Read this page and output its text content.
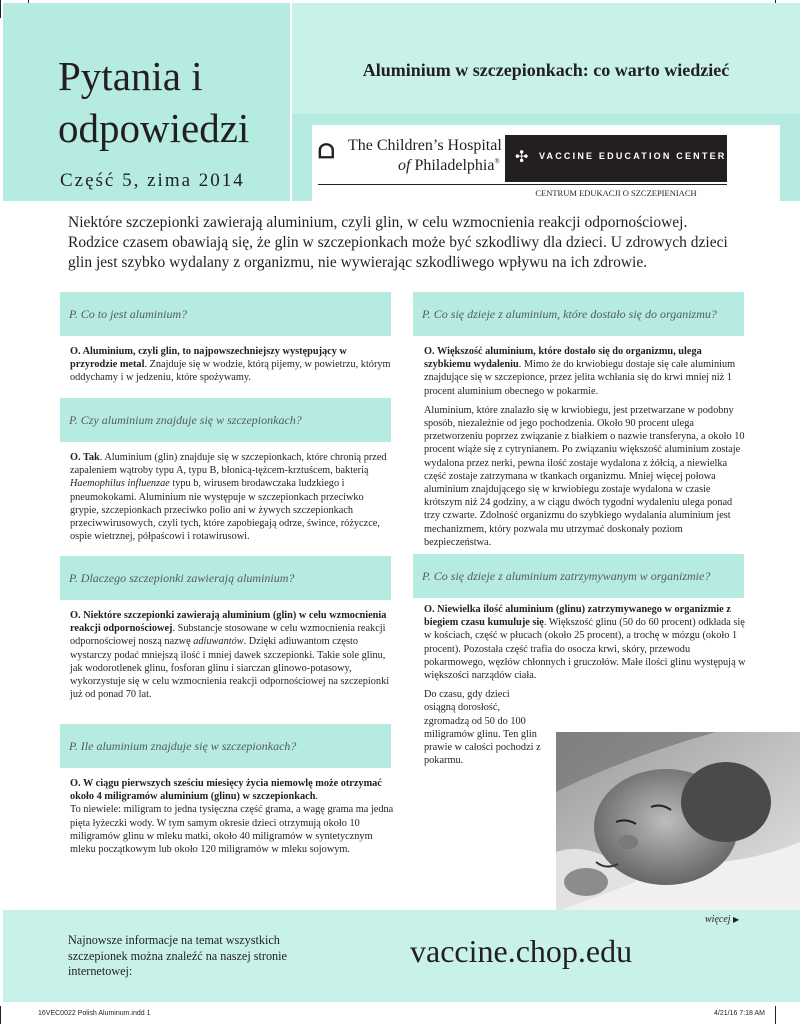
Pytania i odpowiedzi
Część 5, zima 2014
Aluminium w szczepionkach: co warto wiedzieć
ᗝ The Children’s Hospital
of Philadelphia® ✣ VACCINE EDUCATION CENTER
CENTRUM EDUKACJI O SZCZEPIENIACH
Niektóre szczepionki zawierają aluminium, czyli glin, w celu wzmocnienia reakcji odpornościowej. Rodzice czasem obawiają się, że glin w szczepionkach może być szkodliwy dla dzieci. U zdrowych dzieci glin jest szybko wydalany z organizmu, nie wywierając szkodliwego wpływu na ich zdrowie.
P. Co to jest aluminium?

O. Aluminium, czyli glin, to najpowszechniejszy występujący w przyrodzie metal. Znajduje się w wodzie, którą pijemy, w powietrzu, którym oddychamy i w jedzeniu, które spożywamy.

P. Czy aluminium znajduje się w szczepionkach?

O. Tak. Aluminium (glin) znajduje się w szczepionkach, które chronią przed zapaleniem wątroby typu A, typu B, błonicą-tężcem-krztuścem, bakterią Haemophilus influenzae typu b, wirusem brodawczaka ludzkiego i pneumokokami. Aluminium nie występuje w szczepionkach przeciwko grypie, szczepionkach przeciwko polio ani w żywych szczepionkach przeciwwirusowych, czyli tych, które zapobiegają odrze, śwince, różyczce, ospie wietrznej, półpaścowi i rotawirusowi.

P. Dlaczego szczepionki zawierają aluminium?

O. Niektóre szczepionki zawierają aluminium (glin) w celu wzmocnienia reakcji odpornościowej. Substancje stosowane w celu wzmocnienia reakcji odpornościowej noszą nazwę adiuwantów. Dzięki adiuwantom często wystarczy podać mniejszą ilość i mniej dawek szczepionki. Takie sole glinu, jak wodorotlenek glinu, fosforan glinu i siarczan glinowo-potasowy, wykorzystuje się w celu wzmocnienia reakcji odpornościowej na szczepionki już od ponad 70 lat.

P. Ile aluminium znajduje się w szczepionkach?

O. W ciągu pierwszych sześciu miesięcy życia niemowlę może otrzymać około 4 miligramów aluminium (glinu) w szczepionkach.

To niewiele: miligram to jedna tysięczna część grama, a wagę grama ma jedna pięta łyżeczki wody. W tym samym okresie dzieci otrzymują około 10 miligramów glinu w mleku matki, około 40 miligramów w syntetycznym mleku początkowym lub około 120 miligramów w mleku sojowym.

P. Co się dzieje z aluminium, które dostało się do organizmu?

O. Większość aluminium, które dostało się do organizmu, ulega szybkiemu wydaleniu. Mimo że do krwiobiegu dostaje się całe aluminium znajdujące się w szczepionce, przez jelita wchłania się do krwi mniej niż 1 procent aluminium obecnego w pokarmie.

Aluminium, które znalazło się w krwiobiegu, jest przetwarzane w podobny sposób, niezależnie od jego pochodzenia. Około 90 procent ulega przetworzeniu poprzez związanie z białkiem o nazwie transferyna, a około 10 procent wiąże się z cytrynianem. Po związaniu większość aluminium zostaje wydalona przez nerki, pewna ilość zostaje wydalona z żółcią, a niewielka część zostaje zatrzymana w tkankach organizmu. Mniej więcej połowa aluminium znajdującego się w krwiobiegu zostaje wydalona w czasie krótszym niż 24 godziny, a w ciągu dwóch tygodni wydaleniu ulega ponad trzy czwarte. Zdolność organizmu do szybkiego wydalania aluminium jest mechanizmem, który pozwala mu utrzymać doskonały poziom bezpieczeństwa.

P. Co się dzieje z aluminium zatrzymywanym w organizmie?

O. Niewielka ilość aluminium (glinu) zatrzymywanego w organizmie z biegiem czasu kumuluje się. Większość glinu (50 do 60 procent) odkłada się w kościach, część w płucach (około 25 procent), a trochę w mózgu (około 1 procent). Pozostała część trafia do osocza krwi, skóry, przewodu pokarmowego, węzłów chłonnych i gruczołów. Małe ilości glinu występują w większości narządów ciała.

Do czasu, gdy dzieci osiągną dorosłość, zgromadzą od 50 do 100 miligramów glinu. Ten glin prawie w całości pochodzi z pokarmu.

więcej ▶
Najnowsze informacje na temat wszystkich szczepionek można znaleźć na naszej stronie internetowej:
vaccine.chop.edu
16VEC0022 Polish Aluminum.indd 1	4/21/16 7:18 AM
